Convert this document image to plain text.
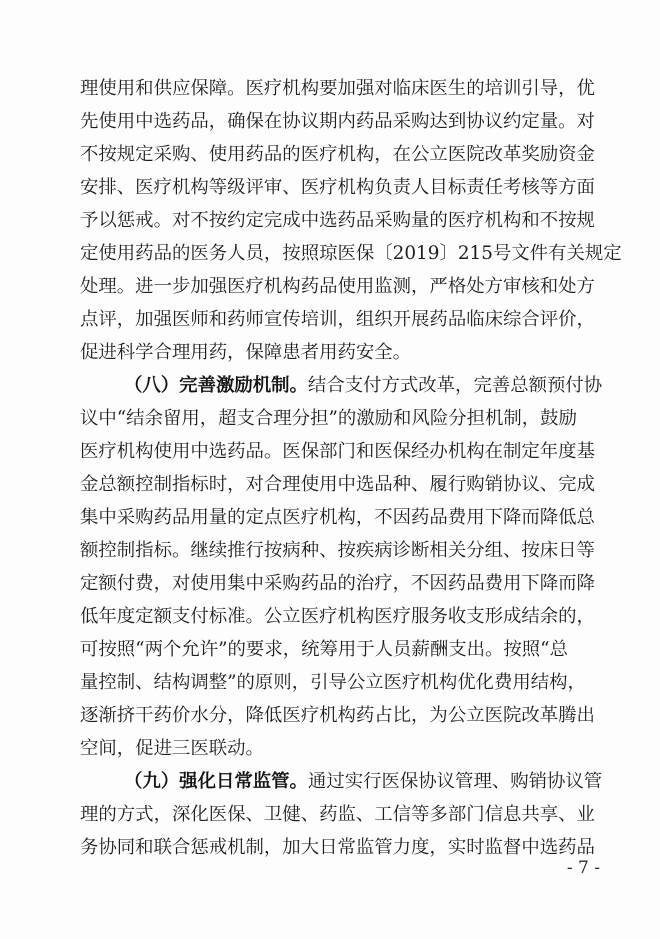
理使用和供应保障。医疗机构要加强对临床医生的培训引导，优
先使用中选药品，确保在协议期内药品采购达到协议约定量。对
不按规定采购、使用药品的医疗机构，在公立医院改革奖励资金
安排、医疗机构等级评审、医疗机构负责人目标责任考核等方面
予以惩戒。对不按约定完成中选药品采购量的医疗机构和不按规
定使用药品的医务人员，按照琼医保〔2019〕215号文件有关规定
处理。进一步加强医疗机构药品使用监测，严格处方审核和处方
点评，加强医师和药师宣传培训，组织开展药品临床综合评价，
促进科学合理用药，保障患者用药安全。
（八）完善激励机制。结合支付方式改革，完善总额预付协
议中“结余留用，超支合理分担”的激励和风险分担机制，鼓励
医疗机构使用中选药品。医保部门和医保经办机构在制定年度基
金总额控制指标时，对合理使用中选品种、履行购销协议、完成
集中采购药品用量的定点医疗机构，不因药品费用下降而降低总
额控制指标。继续推行按病种、按疾病诊断相关分组、按床日等
定额付费，对使用集中采购药品的治疗，不因药品费用下降而降
低年度定额支付标准。公立医疗机构医疗服务收支形成结余的，
可按照“两个允许”的要求，统筹用于人员薪酬支出。按照“总
量控制、结构调整”的原则，引导公立医疗机构优化费用结构，
逐渐挤干药价水分，降低医疗机构药占比，为公立医院改革腾出
空间，促进三医联动。
（九）强化日常监管。通过实行医保协议管理、购销协议管
理的方式，深化医保、卫健、药监、工信等多部门信息共享、业
务协同和联合惩戒机制，加大日常监管力度，实时监督中选药品
- 7 -
